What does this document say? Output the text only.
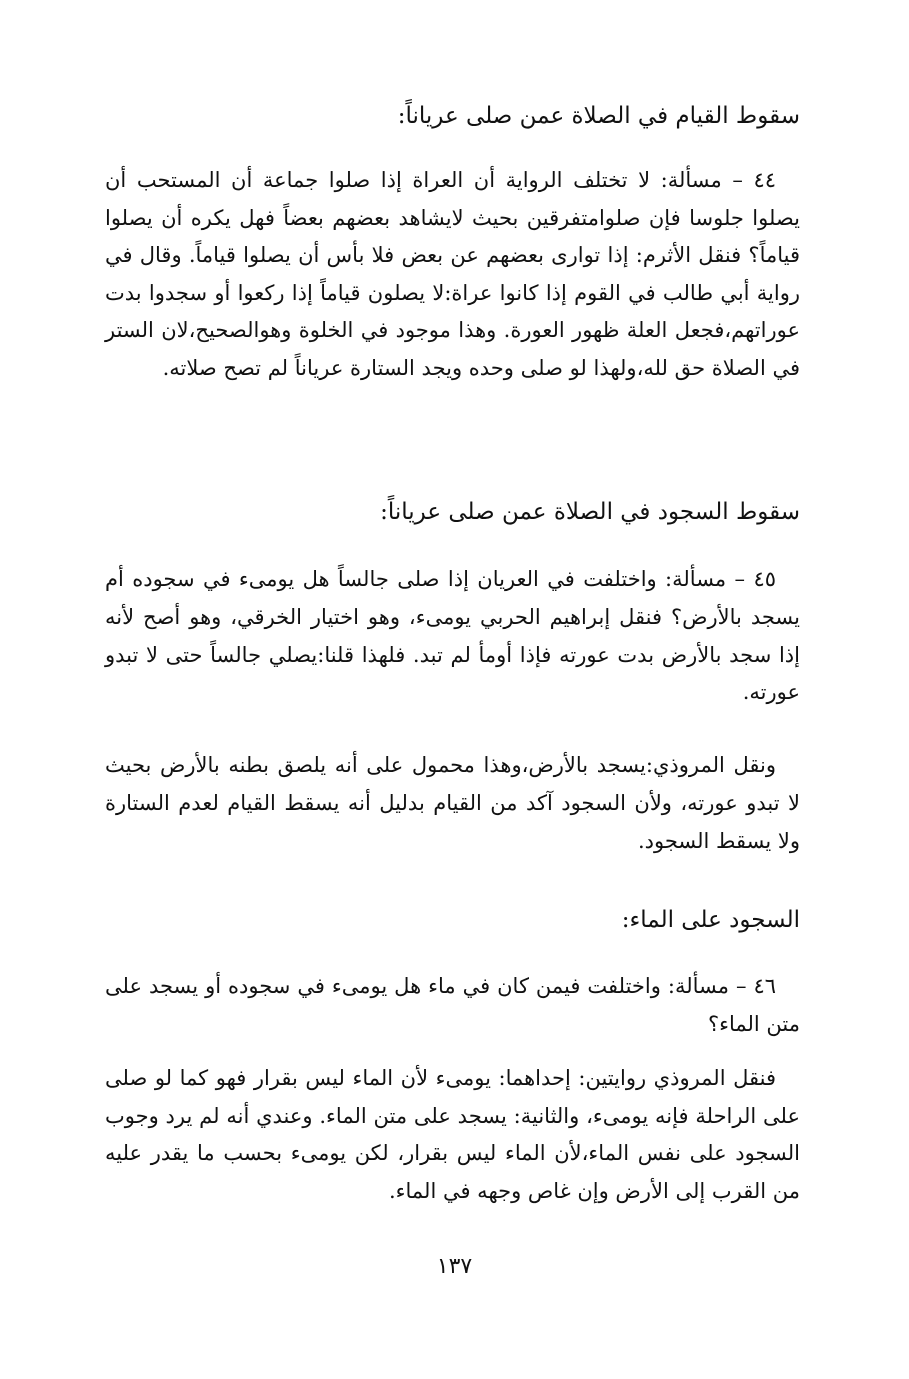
سقوط القيام في الصلاة عمن صلى عرياناً:

٤٤ – مسألة: لا تختلف الرواية أن العراة إذا صلوا جماعة أن المستحب أن يصلوا جلوسا فإن صلوامتفرقين بحيث لايشاهد بعضهم بعضاً فهل يكره أن يصلوا قياماً؟ فنقل الأثرم: إذا توارى بعضهم عن بعض فلا بأس أن يصلوا قياماً. وقال في رواية أبي طالب في القوم إذا كانوا عراة:لا يصلون قياماً إذا ركعوا أو سجدوا بدت عوراتهم،فجعل العلة ظهور العورة. وهذا موجود في الخلوة وهوالصحيح،لان الستر في الصلاة حق لله،ولهذا لو صلى وحده ويجد الستارة عرياناً لم تصح صلاته.

سقوط السجود في الصلاة عمن صلى عرياناً:

٤٥ – مسألة: واختلفت في العريان إذا صلى جالساً هل يومىء في سجوده أم يسجد بالأرض؟ فنقل إبراهيم الحربي يومىء، وهو اختيار الخرقي، وهو أصح لأنه إذا سجد بالأرض بدت عورته فإذا أومأ لم تبد. فلهذا قلنا:يصلي جالساً حتى لا تبدو عورته.

ونقل المروذي:يسجد بالأرض،وهذا محمول على أنه يلصق بطنه بالأرض بحيث لا تبدو عورته، ولأن السجود آكد من القيام بدليل أنه يسقط القيام لعدم الستارة ولا يسقط السجود.

السجود على الماء:

٤٦ – مسألة: واختلفت فيمن كان في ماء هل يومىء في سجوده أو يسجد على متن الماء؟

فنقل المروذي روايتين: إحداهما: يومىء لأن الماء ليس بقرار فهو كما لو صلى على الراحلة فإنه يومىء، والثانية: يسجد على متن الماء. وعندي أنه لم يرد وجوب السجود على نفس الماء،لأن الماء ليس بقرار، لكن يومىء بحسب ما يقدر عليه من القرب إلى الأرض وإن غاص وجهه في الماء.

١٣٧
